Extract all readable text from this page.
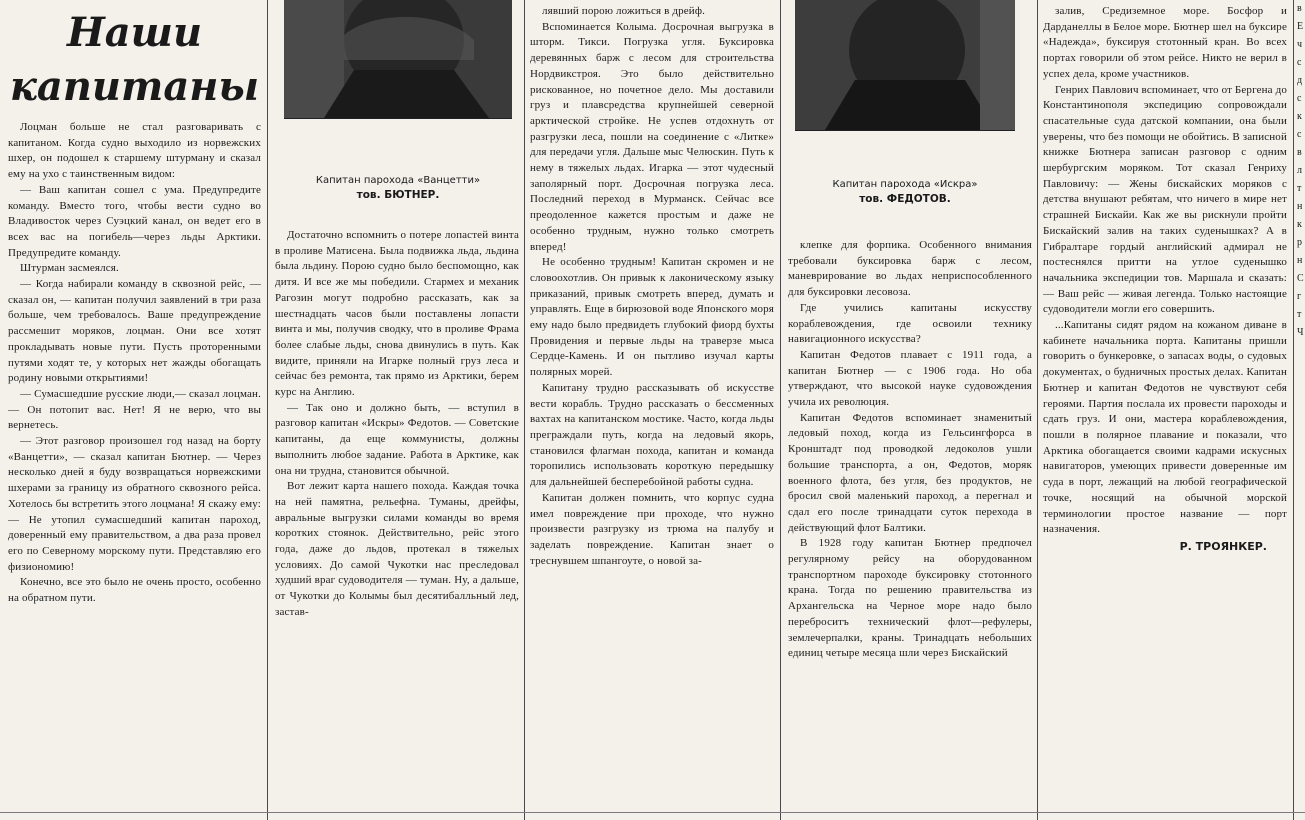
Наши
капитаны

Лоцман больше не стал разговаривать с капитаном. Когда судно выходило из норвежских шхер, он подошел к старшему штурману и сказал ему на ухо с таинственным видом:

— Ваш капитан сошел с ума. Предупредите команду. Вместо того, чтобы вести судно во Владивосток через Суэцкий канал, он ведет его в всех вас на погибель—через льды Арктики. Предупредите команду.

Штурман засмеялся.

— Когда набирали команду в сквозной рейс, — сказал он, — капитан получил заявлений в три раза больше, чем требовалось. Ваше предупреждение рассмешит моряков, лоцман. Они все хотят прокладывать новые пути. Пусть проторенными путями ходят те, у которых нет жажды обогащать родину новыми открытиями!

— Сумасшедшие русские люди,— сказал лоцман. — Он потопит вас. Нет! Я не верю, что вы вернетесь.

— Этот разговор произошел год назад на борту «Ванцетти», — сказал капитан Бютнер. — Через несколько дней я буду возвращаться норвежскими шхерами за границу из обратного сквозного рейса. Хотелось бы встретить этого лоцмана! Я скажу ему: — Не утопил сумасшедший капитан пароход, доверенный ему правительством, а два раза провел его по Северному морскому пути. Представляю его физиономию!

Конечно, все это было не очень просто, особенно на обратном пути.

Капитан парохода «Ванцетти»
тов. БЮТНЕР.

Достаточно вспомнить о потере лопастей винта в проливе Матисена. Была подвижка льда, льдина была льдину. Порою судно было беспомощно, как дитя. И все же мы победили. Стармех и механик Рагозин могут подробно рассказать, как за шестнадцать часов были поставлены лопасти винта и мы, получив сводку, что в проливе Фрама более слабые льды, снова двинулись в путь. Как видите, приняли на Игарке полный груз леса и сейчас без ремонта, так прямо из Арктики, берем курс на Англию.

— Так оно и должно быть, — вступил в разговор капитан «Искры» Федотов. — Советские капитаны, да еще коммунисты, должны выполнить любое задание. Работа в Арктике, как она ни трудна, становится обычной.

Вот лежит карта нашего похода. Каждая точка на ней памятна, рельефна. Туманы, дрейфы, авральные выгрузки силами команды во время коротких стоянок. Действительно, рейс этого года, даже до льдов, протекал в тяжелых условиях. До самой Чукотки нас преследовал худший враг судоводителя — туман. Ну, а дальше, от Чукотки до Колымы был десятибалльный лед, застав-

лявший порою ложиться в дрейф.

Вспоминается Колыма. Досрочная выгрузка в шторм. Тикси. Погрузка угля. Буксировка деревянных барж с лесом для строительства Нордвикстроя. Это было действительно рискованное, но почетное дело. Мы доставили груз и плавсредства крупнейшей северной арктической стройке. Не успев отдохнуть от разгрузки леса, пошли на соединение с «Литке» для передачи угля. Дальше мыс Челюскин. Путь к нему в тяжелых льдах. Игарка — этот чудесный заполярный порт. Досрочная погрузка леса. Последний переход в Мурманск. Сейчас все преодоленное кажется простым и даже не особенно трудным, нужно только смотреть вперед!

Не особенно трудным! Капитан скромен и не словоохотлив. Он привык к лаконическому языку приказаний, привык смотреть вперед, думать и управлять. Еще в бирюзовой воде Японского моря ему надо было предвидеть глубокий фиорд бухты Провидения и первые льды на траверзе мыса Сердце-Камень. И он пытливо изучал карты полярных морей.

Капитану трудно рассказывать об искусстве вести корабль. Трудно рассказать о бессменных вахтах на капитанском мостике. Часто, когда льды преграждали путь, когда на ледовый якорь, становился флагман похода, капитан и команда торопились использовать короткую передышку для дальнейшей бесперебойной работы судна.

Капитан должен помнить, что корпус судна имел повреждение при проходе, что нужно произвести разгрузку из трюма на палубу и заделать повреждение. Капитан знает о треснувшем шпангоуте, о новой за-

Капитан парохода «Искра»
тов. ФЕДОТОВ.

клепке для форпика. Особенного внимания требовали буксировка барж с лесом, маневрирование во льдах неприспособленного для буксировки лесовоза.

Где учились капитаны искусству кораблевождения, где освоили технику навигационного искусства?

Капитан Федотов плавает с 1911 года, а капитан Бютнер — с 1906 года. Но оба утверждают, что высокой науке судовождения учила их революция.

Капитан Федотов вспоминает знаменитый ледовый поход, когда из Гельсингфорса в Кронштадт под проводкой ледоколов ушли большие транспорта, а он, Федотов, моряк военного флота, без угля, без продуктов, не бросил свой маленький пароход, а перегнал и сдал его после тринадцати суток перехода в действующий флот Балтики.

В 1928 году капитан Бютнер предпочел регулярному рейсу на оборудованном транспортном пароходе буксировку стотонного крана. Тогда по решению правительства из Архангельска на Черное море надо было переброситъ технический флот—рефулеры, землечерпалки, краны. Тринадцать небольших единиц четыре месяца шли через Бискайский

залив, Средиземное море. Босфор и Дарданеллы в Белое море. Бютнер шел на буксире «Надежда», буксируя стотонный кран. Во всех портах говорили об этом рейсе. Никто не верил в успех дела, кроме участников.

Генрих Павлович вспоминает, что от Бергена до Константинополя экспедицию сопровождали спасательные суда датской компании, она были уверены, что без помощи не обойтись. В записной книжке Бютнера записан разговор с одним шербургским моряком. Тот сказал Генриху Павловичу: — Жены бискайских моряков с детства внушают ребятам, что ничего в мире нет страшней Бискайи. Как же вы рискнули пройти Бискайский залив на таких суденышках? А в Гибралтаре гордый английский адмирал не постеснялся притти на утлое суденышко начальника экспедиции тов. Маршала и сказать: — Ваш рейс — живая легенда. Только настоящие судоводители могли его совершить.

...Капитаны сидят рядом на кожаном диване в кабинете начальника порта. Капитаны пришли говорить о бункеровке, о запасах воды, о судовых документах, о будничных простых делах. Капитан Бютнер и капитан Федотов не чувствуют себя героями. Партия послала их провести пароходы и сдать груз. И они, мастера кораблевождения, пошли в полярное плавание и показали, что Арктика обогащается своими кадрами искусных навигаторов, умеющих привести доверенные им суда в порт, лежащий на любой географической точке, носящий на обычной морской терминологии простое название — порт назначения.

Р. ТРОЯНКЕР.
в
Е
ч
с
д
с
к
с
в
л
т
н
к
р
н
С
г
т
Ч
